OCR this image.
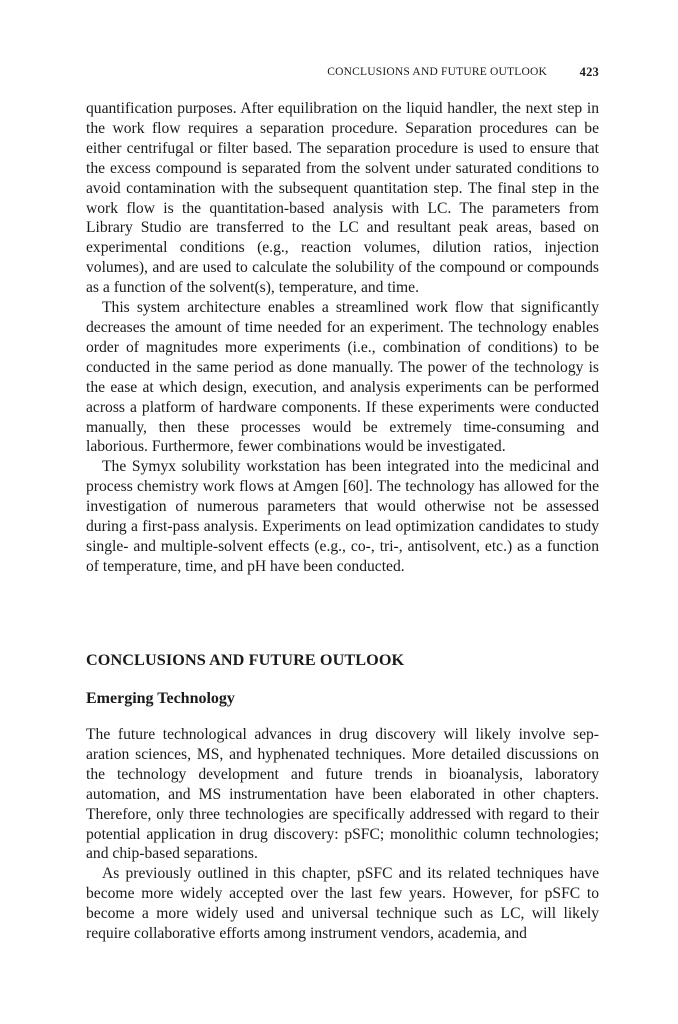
CONCLUSIONS AND FUTURE OUTLOOK	423

quantification purposes. After equilibration on the liquid handler, the next step in the work flow requires a separation procedure. Separation procedures can be either centrifugal or filter based. The separation procedure is used to ensure that the excess compound is separated from the solvent under saturated conditions to avoid contamination with the subsequent quantitation step. The final step in the work flow is the quantitation-based analysis with LC. The parameters from Library Studio are transferred to the LC and resultant peak areas, based on experimental conditions (e.g., reaction volumes, dilution ratios, injection volumes), and are used to calculate the solubility of the compound or compounds as a function of the solvent(s), temperature, and time.

This system architecture enables a streamlined work flow that significantly decreases the amount of time needed for an experiment. The technology enables order of magnitudes more experiments (i.e., combination of conditions) to be conducted in the same period as done manually. The power of the technology is the ease at which design, execution, and analysis experiments can be performed across a platform of hardware components. If these experiments were conducted manually, then these processes would be extremely time-consuming and laborious. Furthermore, fewer combinations would be investigated.

The Symyx solubility workstation has been integrated into the medicinal and process chemistry work flows at Amgen [60]. The technology has allowed for the investigation of numerous parameters that would otherwise not be assessed during a first-pass analysis. Experiments on lead optimization candidates to study single- and multiple-solvent effects (e.g., co-, tri-, antisolvent, etc.) as a function of temperature, time, and pH have been conducted.

CONCLUSIONS AND FUTURE OUTLOOK
Emerging Technology

The future technological advances in drug discovery will likely involve separation sciences, MS, and hyphenated techniques. More detailed discussions on the technology development and future trends in bioanalysis, laboratory automation, and MS instrumentation have been elaborated in other chapters. Therefore, only three technologies are specifically addressed with regard to their potential application in drug discovery: pSFC; monolithic column technologies; and chip-based separations.

As previously outlined in this chapter, pSFC and its related techniques have become more widely accepted over the last few years. However, for pSFC to become a more widely used and universal technique such as LC, will likely require collaborative efforts among instrument vendors, academia, and
